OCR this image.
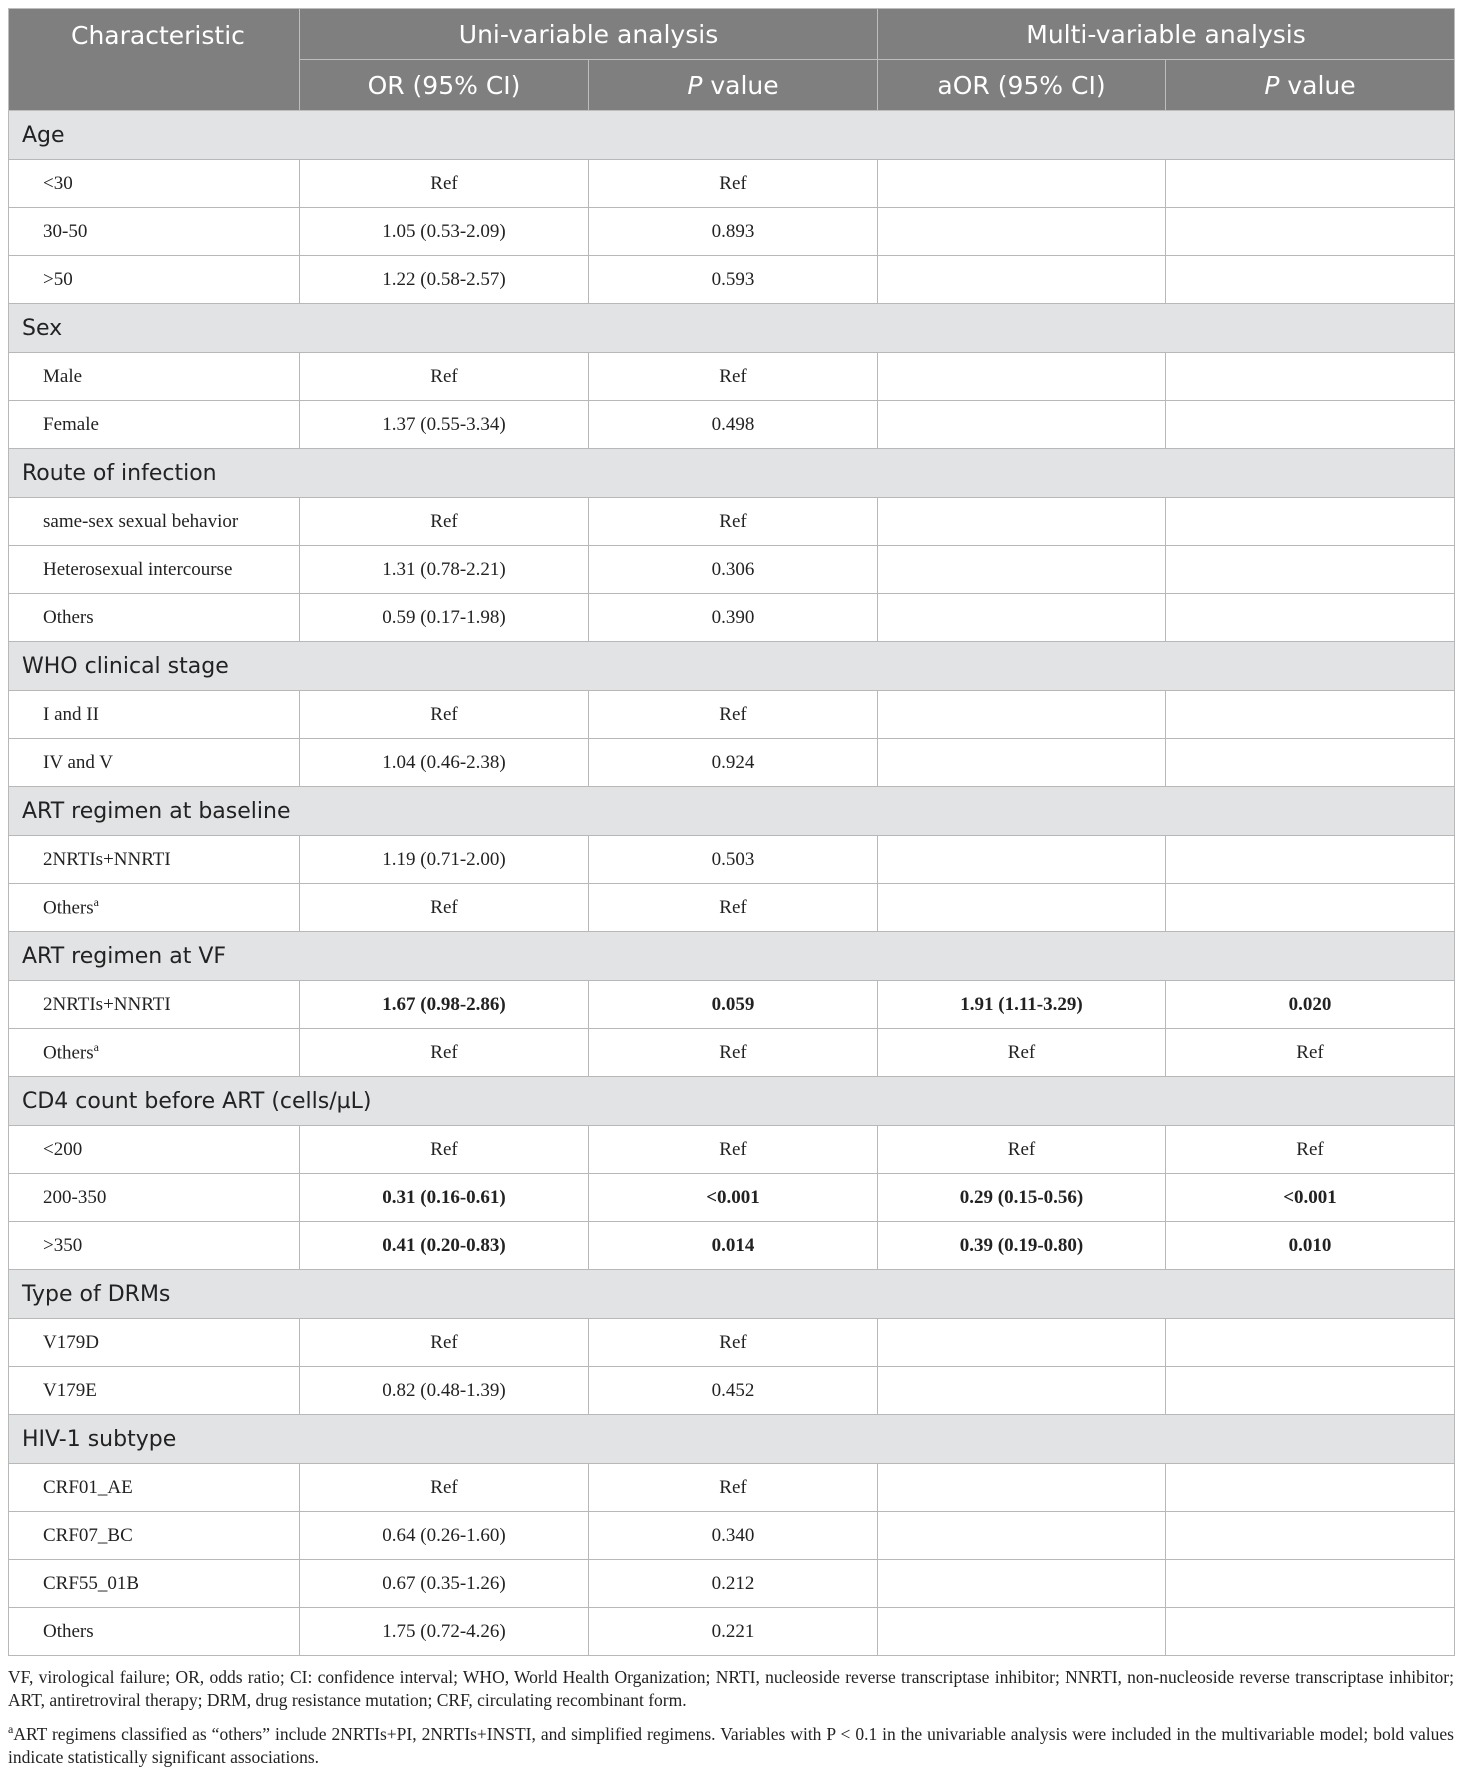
Characteristic	Uni-variable analysis		Multi-variable analysis	
	OR (95% CI)	P value	aOR (95% CI)	P value
Age				
<30	Ref	Ref		
30-50	1.05 (0.53-2.09)	0.893		
>50	1.22 (0.58-2.57)	0.593		
Sex				
Male	Ref	Ref		
Female	1.37 (0.55-3.34)	0.498		
Route of infection				
same-sex sexual behavior	Ref	Ref		
Heterosexual intercourse	1.31 (0.78-2.21)	0.306		
Others	0.59 (0.17-1.98)	0.390		
WHO clinical stage				
I and II	Ref	Ref		
IV and V	1.04 (0.46-2.38)	0.924		
ART regimen at baseline				
2NRTIs+NNRTI	1.19 (0.71-2.00)	0.503		
Others$^a$	Ref	Ref		
ART regimen at VF				
2NRTIs+NNRTI	1.67 (0.98-2.86)	0.059	1.91 (1.11-3.29)	0.020
Others$^a$	Ref	Ref	Ref	Ref
CD4 count before ART (cells/µL)				
<200	Ref	Ref	Ref	Ref
200-350	0.31 (0.16-0.61)	<0.001	0.29 (0.15-0.56)	<0.001
>350	0.41 (0.20-0.83)	0.014	0.39 (0.19-0.80)	0.010
Type of DRMs				
V179D	Ref	Ref		
V179E	0.82 (0.48-1.39)	0.452		
HIV-1 subtype				
CRF01_AE	Ref	Ref		
CRF07_BC	0.64 (0.26-1.60)	0.340		
CRF55_01B	0.67 (0.35-1.26)	0.212		
Others	1.75 (0.72-4.26)	0.221		

VF, virological failure; OR, odds ratio; CI: confidence interval; WHO, World Health Organization; NRTI, nucleoside reverse transcriptase inhibitor; NNRTI, non-nucleoside reverse transcriptase inhibitor; ART, antiretroviral therapy; DRM, drug resistance mutation; CRF, circulating recombinant form.

$^a$ART regimens classified as “others” include 2NRTIs+PI, 2NRTIs+INSTI, and simplified regimens. Variables with P < 0.1 in the univariable analysis were included in the multivariable model; bold values indicate statistically significant associations.
